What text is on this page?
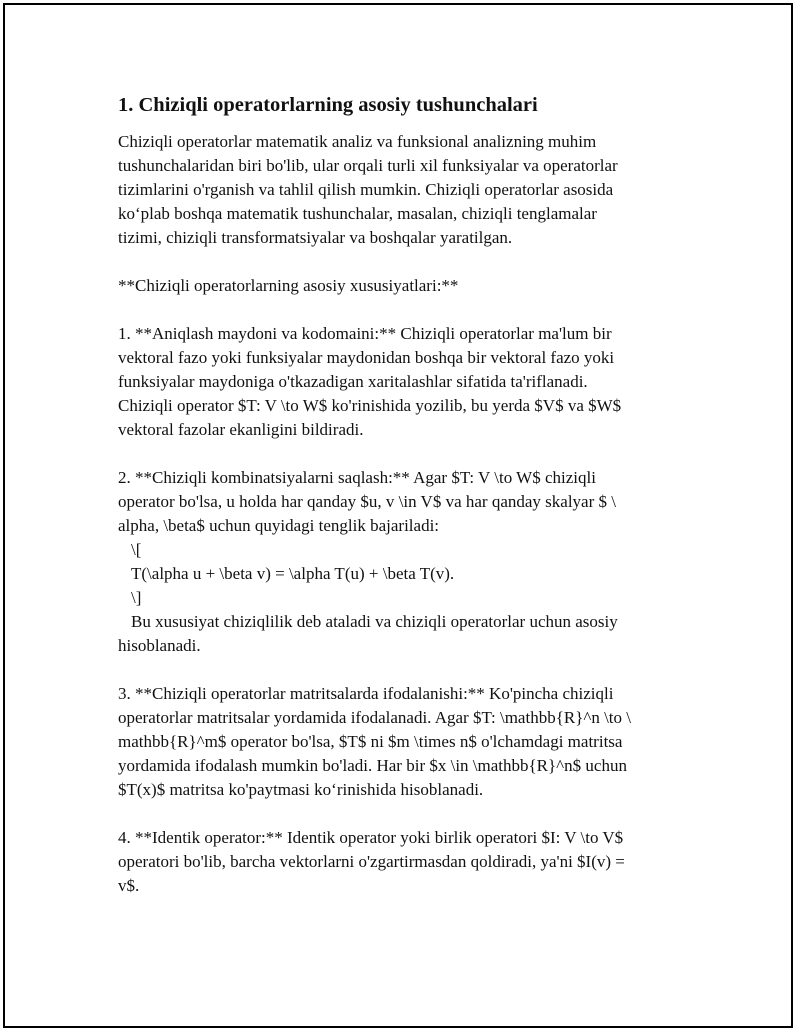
1. Chiziqli operatorlarning asosiy tushunchalari
Chiziqli operatorlar matematik analiz va funksional analizning muhim
tushunchalaridan biri bo'lib, ular orqali turli xil funksiyalar va operatorlar
tizimlarini o'rganish va tahlil qilish mumkin. Chiziqli operatorlar asosida
ko‘plab boshqa matematik tushunchalar, masalan, chiziqli tenglamalar
tizimi, chiziqli transformatsiyalar va boshqalar yaratilgan.
**Chiziqli operatorlarning asosiy xususiyatlari:**
1. **Aniqlash maydoni va kodomaini:** Chiziqli operatorlar ma'lum bir
vektoral fazo yoki funksiyalar maydonidan boshqa bir vektoral fazo yoki
funksiyalar maydoniga o'tkazadigan xaritalashlar sifatida ta'riflanadi.
Chiziqli operator $T: V \to W$ ko'rinishida yozilib, bu yerda $V$ va $W$
vektoral fazolar ekanligini bildiradi.
2. **Chiziqli kombinatsiyalarni saqlash:** Agar $T: V \to W$ chiziqli
operator bo'lsa, u holda har qanday $u, v \in V$ va har qanday skalyar $ \
alpha, \beta$ uchun quyidagi tenglik bajariladi:
\[
T(\alpha u + \beta v) = \alpha T(u) + \beta T(v).
\]
Bu xususiyat chiziqlilik deb ataladi va chiziqli operatorlar uchun asosiy
hisoblanadi.
3. **Chiziqli operatorlar matritsalarda ifodalanishi:** Ko'pincha chiziqli
operatorlar matritsalar yordamida ifodalanadi. Agar $T: \mathbb{R}^n \to \
mathbb{R}^m$ operator bo'lsa, $T$ ni $m \times n$ o'lchamdagi matritsa
yordamida ifodalash mumkin bo'ladi. Har bir $x \in \mathbb{R}^n$ uchun
$T(x)$ matritsa ko'paytmasi ko‘rinishida hisoblanadi.
4. **Identik operator:** Identik operator yoki birlik operatori $I: V \to V$
operatori bo'lib, barcha vektorlarni o'zgartirmasdan qoldiradi, ya'ni $I(v) =
v$.
